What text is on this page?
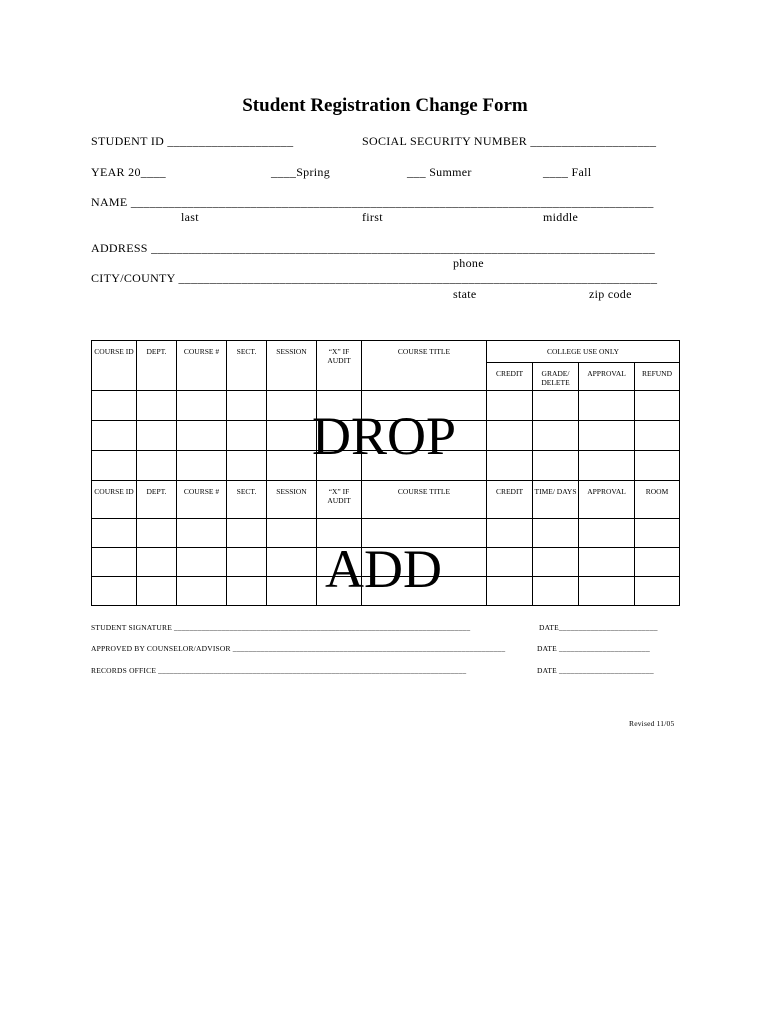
Student Registration Change Form
STUDENT ID ____________________	SOCIAL SECURITY NUMBER ____________________
YEAR 20____	____Spring	___ Summer	____ Fall
NAME ___________________________________________________________________________________
last	first	middle
ADDRESS ________________________________________________________________________________
phone
CITY/COUNTY ____________________________________________________________________________
state	zip code
COURSE ID	DEPT.	COURSE #	SECT.	SESSION	“X” IF AUDIT	COURSE TITLE	COLLEGE USE ONLY			
							CREDIT	GRADE/ DELETE	APPROVAL	REFUND

COURSE ID	DEPT.	COURSE #	SECT.	SESSION	“X” IF AUDIT	COURSE TITLE	CREDIT	TIME/ DAYS	APPROVAL	ROOM

DROP
ADD
STUDENT SIGNATURE ___________________________________________________________________________	DATE_________________________
APPROVED BY COUNSELOR/ADVISOR _____________________________________________________________________	DATE _______________________
RECORDS OFFICE ______________________________________________________________________________	DATE ________________________
Revised 11/05
